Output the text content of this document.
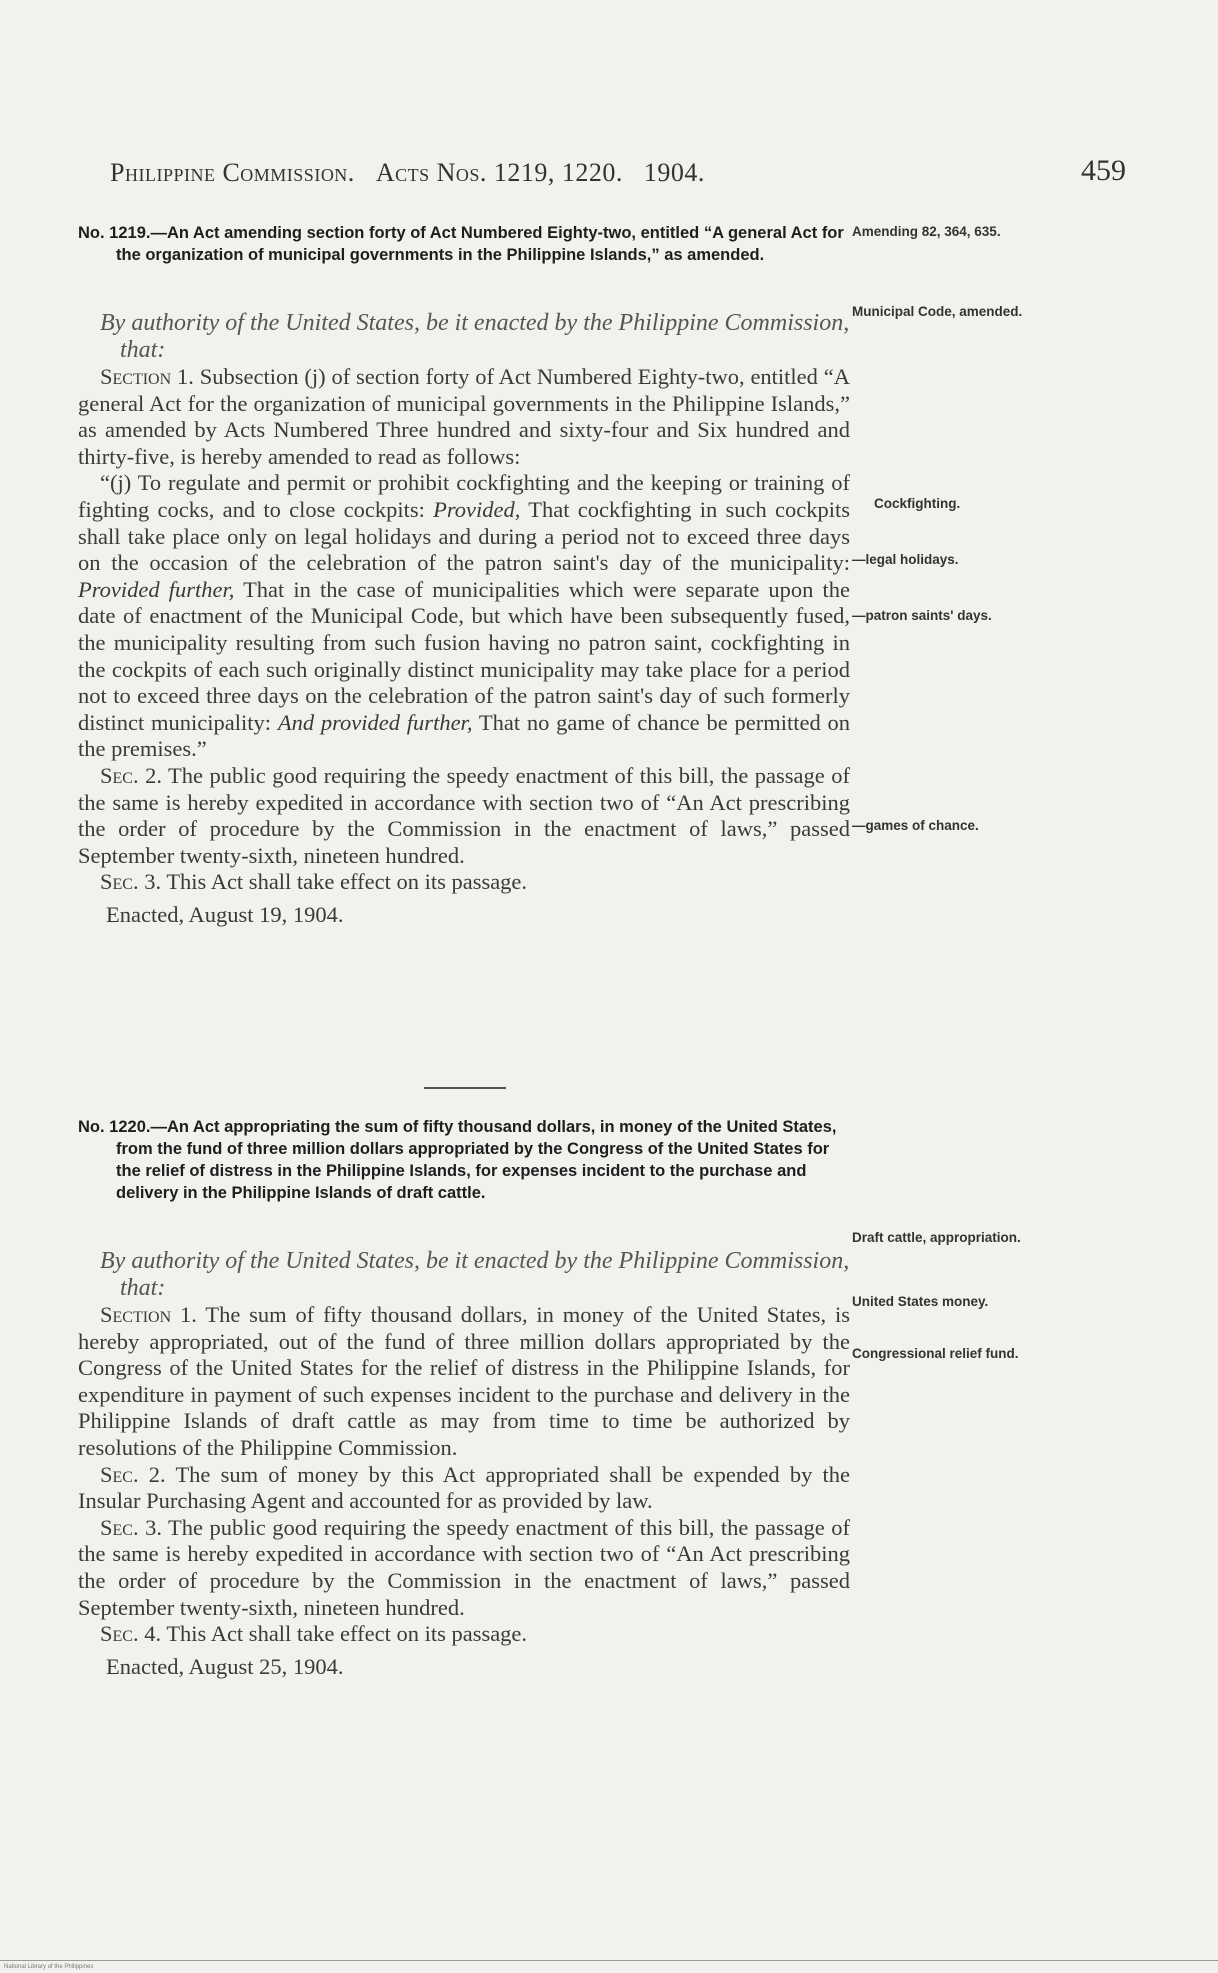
Philippine Commission. Acts Nos. 1219, 1220. 1904.	459
No. 1219.—An Act amending section forty of Act Numbered Eighty-two, entitled “A general Act for the organization of municipal governments in the Philippine Islands,” as amended.
By authority of the United States, be it enacted by the Philippine Commission, that:

Section 1. Subsection (j) of section forty of Act Numbered Eighty-two, entitled “A general Act for the organization of municipal governments in the Philippine Islands,” as amended by Acts Numbered Three hundred and sixty-four and Six hundred and thirty-five, is hereby amended to read as follows:

“(j) To regulate and permit or prohibit cockfighting and the keeping or training of fighting cocks, and to close cockpits: Provided, That cockfighting in such cockpits shall take place only on legal holidays and during a period not to exceed three days on the occasion of the celebration of the patron saint's day of the municipality: Provided further, That in the case of municipalities which were separate upon the date of enactment of the Municipal Code, but which have been subsequently fused, the municipality resulting from such fusion having no patron saint, cockfighting in the cockpits of each such originally distinct municipality may take place for a period not to exceed three days on the celebration of the patron saint's day of such formerly distinct municipality: And provided further, That no game of chance be permitted on the premises.”

Sec. 2. The public good requiring the speedy enactment of this bill, the passage of the same is hereby expedited in accordance with section two of “An Act prescribing the order of procedure by the Commission in the enactment of laws,” passed September twenty-sixth, nineteen hundred.

Sec. 3. This Act shall take effect on its passage.

Enacted, August 19, 1904.

No. 1220.—An Act appropriating the sum of fifty thousand dollars, in money of the United States, from the fund of three million dollars appropriated by the Congress of the United States for the relief of distress in the Philippine Islands, for expenses incident to the purchase and delivery in the Philippine Islands of draft cattle.
By authority of the United States, be it enacted by the Philippine Commission, that:

Section 1. The sum of fifty thousand dollars, in money of the United States, is hereby appropriated, out of the fund of three million dollars appropriated by the Congress of the United States for the relief of distress in the Philippine Islands, for expenditure in payment of such expenses incident to the purchase and delivery in the Philippine Islands of draft cattle as may from time to time be authorized by resolutions of the Philippine Commission.

Sec. 2. The sum of money by this Act appropriated shall be expended by the Insular Purchasing Agent and accounted for as provided by law.

Sec. 3. The public good requiring the speedy enactment of this bill, the passage of the same is hereby expedited in accordance with section two of “An Act prescribing the order of procedure by the Commission in the enactment of laws,” passed September twenty-sixth, nineteen hundred.

Sec. 4. This Act shall take effect on its passage.

Enacted, August 25, 1904.

Amending 82, 364, 635.
Municipal Code, amended.
Cockfighting.
—legal holidays.
—patron saints' days.
—games of chance.
Draft cattle, appropriation.
United States money.
Congressional relief fund.
National Library of the Philippines
